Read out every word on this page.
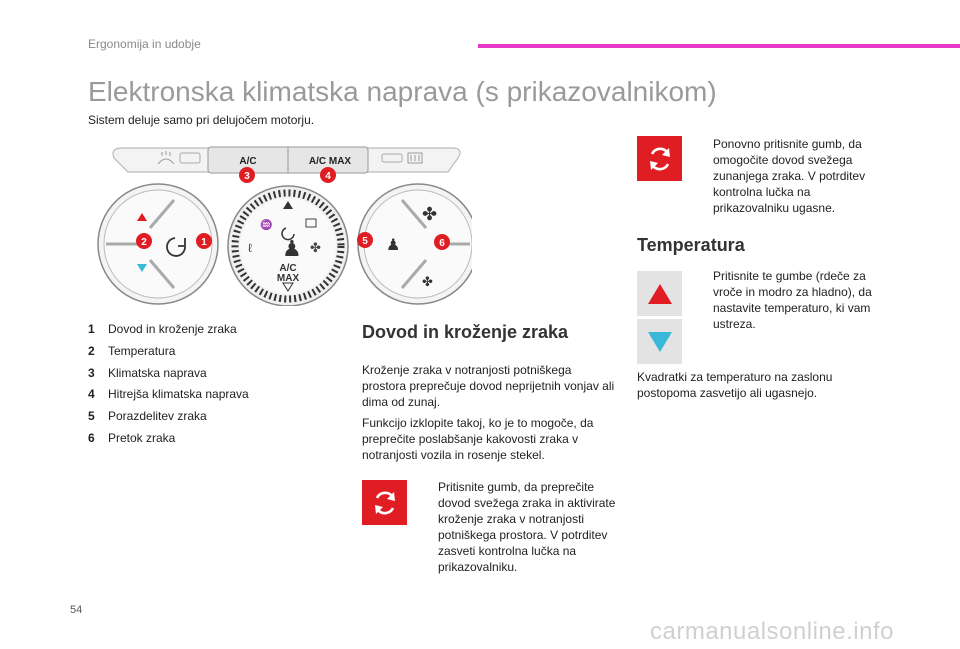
Ergonomija in udobje
Elektronska klimatska naprava (s prikazovalnikom)
Sistem deluje samo pri delujočem motorju.
A/C	A/C MAX
♒
♟
ℓ	✤
A/C
MAX
✤
✤
♟
1
2
3	4
5	6
1	Dovod in kroženje zraka
2	Temperatura
3	Klimatska naprava
4	Hitrejša klimatska naprava
5	Porazdelitev zraka
6	Pretok zraka
Dovod in kroženje zraka
Kroženje zraka v notranjosti potniškega prostora preprečuje dovod neprijetnih vonjav ali dima od zunaj.
Funkcijo izklopite takoj, ko je to mogoče, da preprečite poslabšanje kakovosti zraka v notranjosti vozila in rosenje stekel.
Pritisnite gumb, da preprečite dovod svežega zraka in aktivirate kroženje zraka v notranjosti potniškega prostora. V potrditev zasveti kontrolna lučka na prikazovalniku.
Ponovno pritisnite gumb, da omogočite dovod svežega zunanjega zraka. V potrditev kontrolna lučka na prikazovalniku ugasne.
Temperatura
Pritisnite te gumbe (rdeče za vroče in modro za hladno), da nastavite temperaturo, ki vam ustreza.
Kvadratki za temperaturo na zaslonu postopoma zasvetijo ali ugasnejo.
54
carmanualsonline.info
